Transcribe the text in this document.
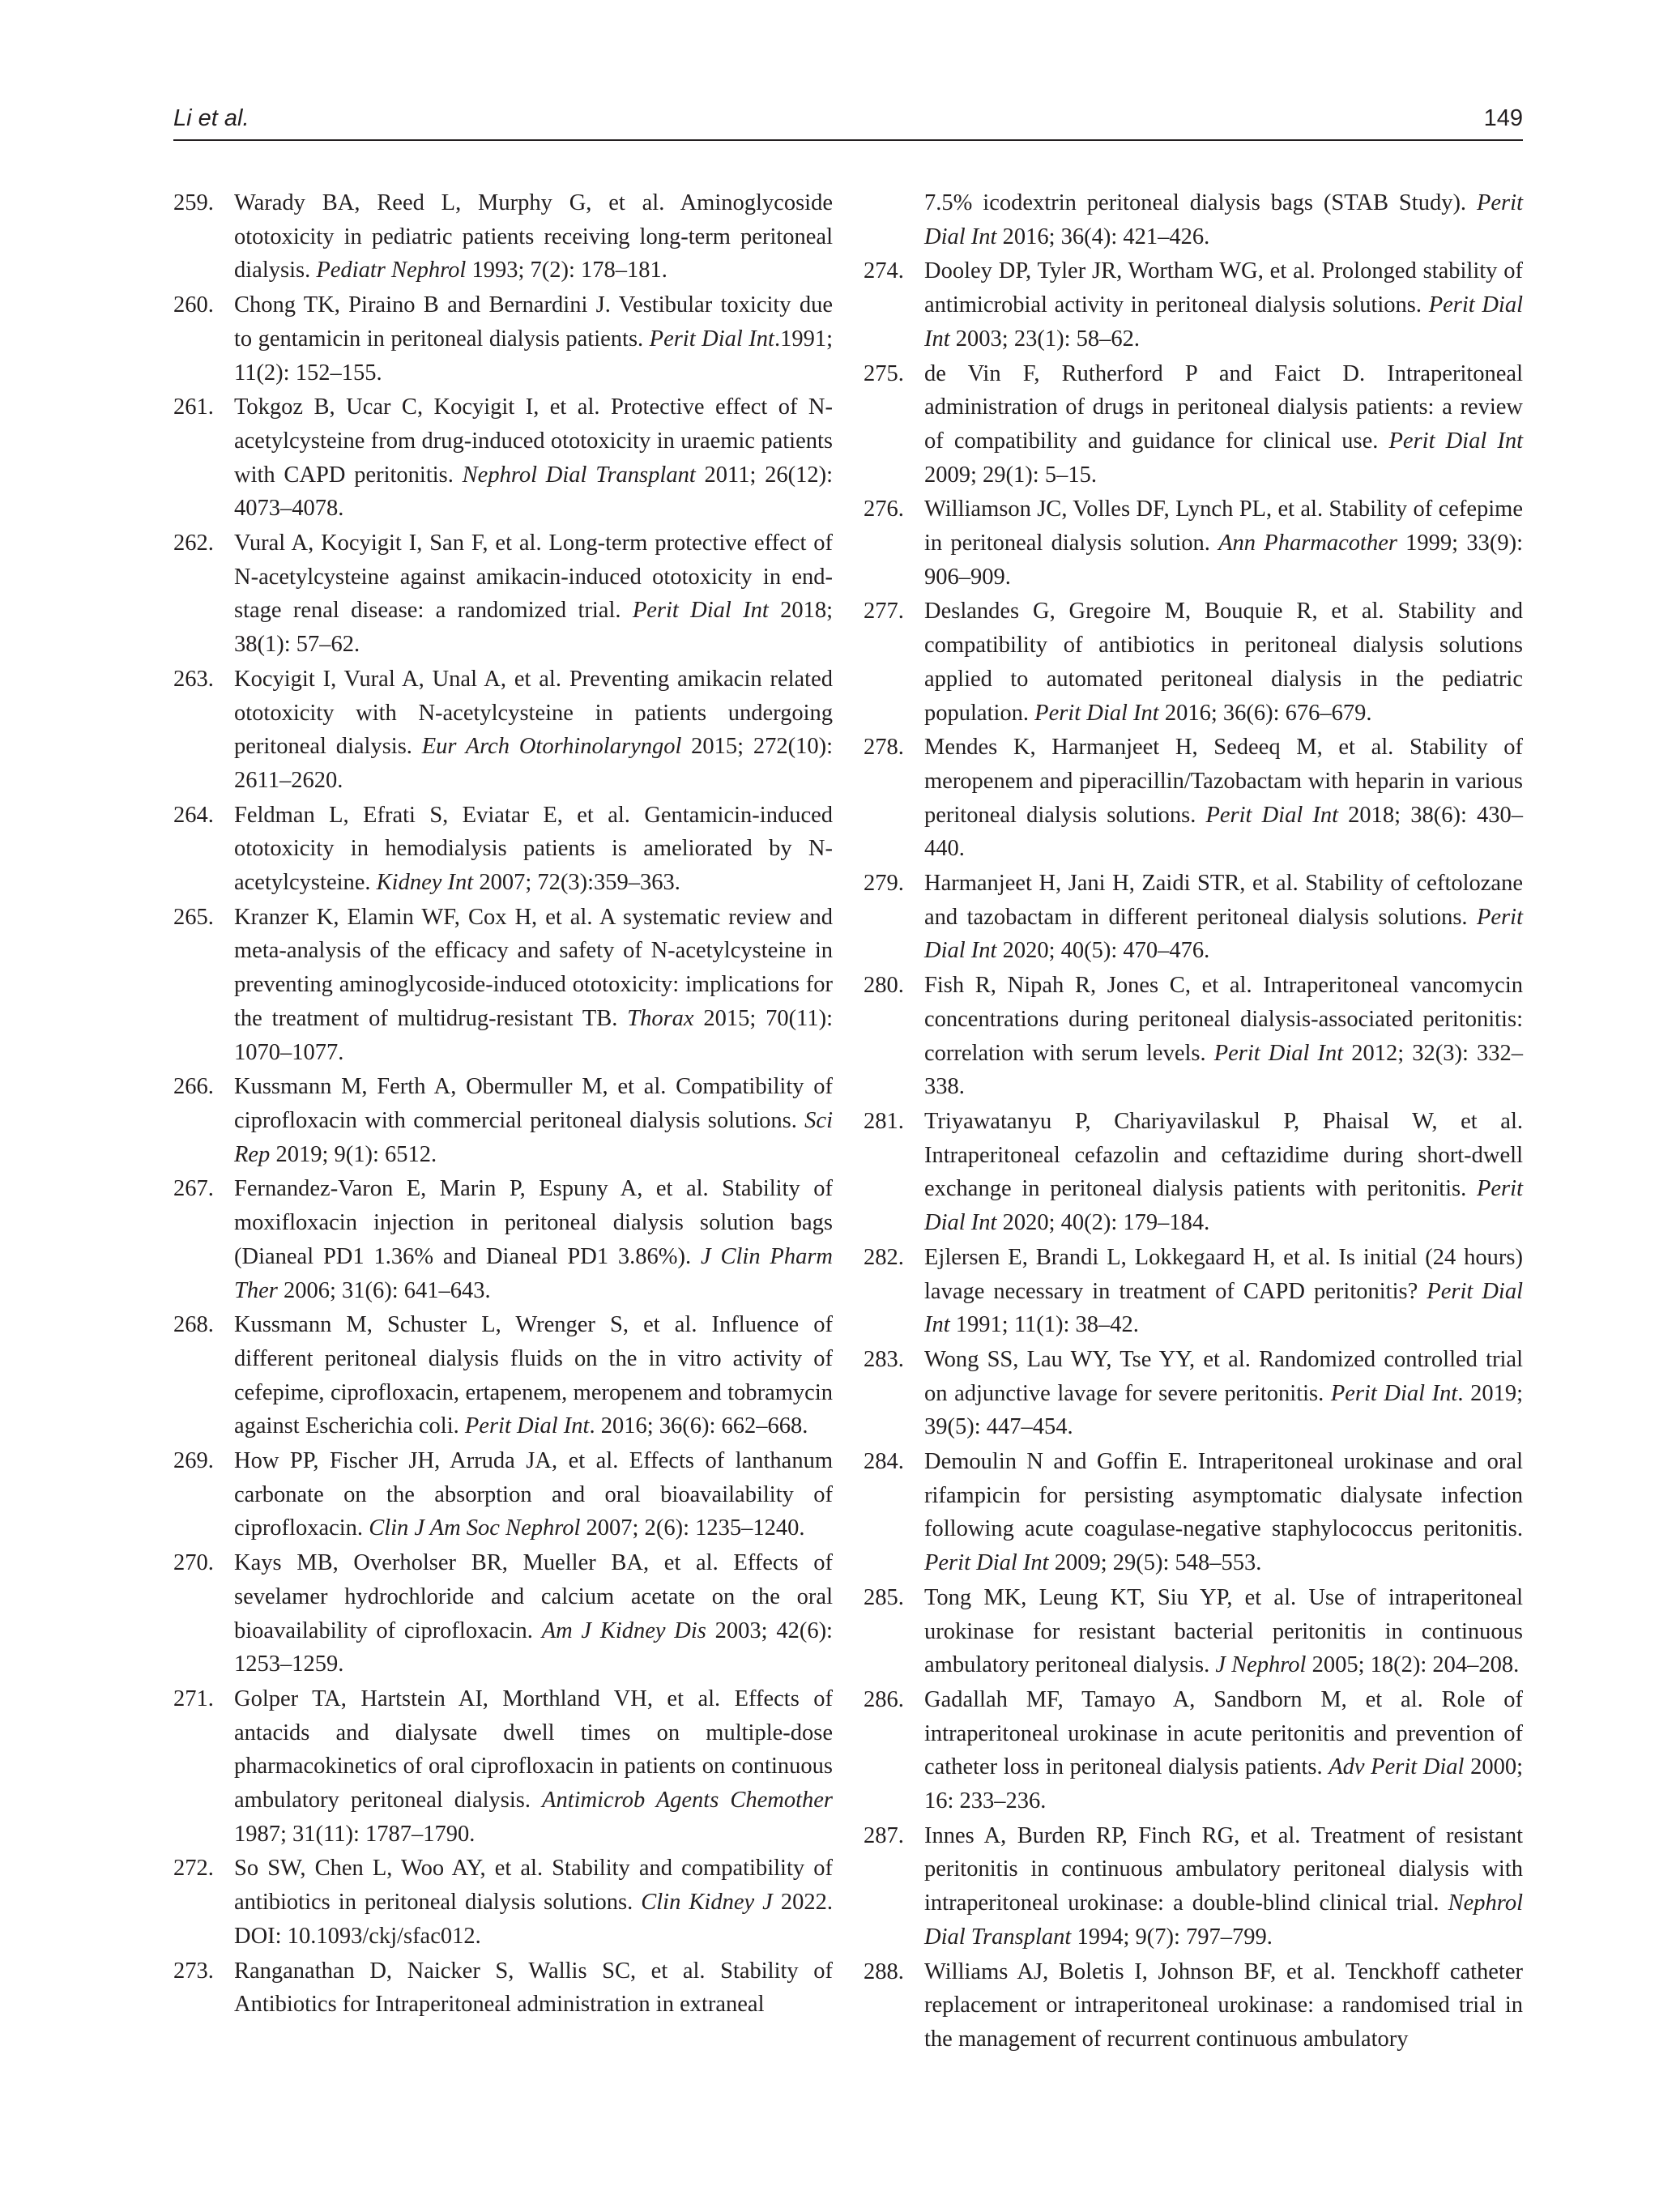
Li et al.	149
259. Warady BA, Reed L, Murphy G, et al. Aminoglycoside ototoxicity in pediatric patients receiving long-term peritoneal dialysis. Pediatr Nephrol 1993; 7(2): 178–181.
260. Chong TK, Piraino B and Bernardini J. Vestibular toxicity due to gentamicin in peritoneal dialysis patients. Perit Dial Int.1991; 11(2): 152–155.
261. Tokgoz B, Ucar C, Kocyigit I, et al. Protective effect of N-acetylcysteine from drug-induced ototoxicity in uraemic patients with CAPD peritonitis. Nephrol Dial Transplant 2011; 26(12): 4073–4078.
262. Vural A, Kocyigit I, San F, et al. Long-term protective effect of N-acetylcysteine against amikacin-induced ototoxicity in end-stage renal disease: a randomized trial. Perit Dial Int 2018; 38(1): 57–62.
263. Kocyigit I, Vural A, Unal A, et al. Preventing amikacin related ototoxicity with N-acetylcysteine in patients undergoing peritoneal dialysis. Eur Arch Otorhinolaryngol 2015; 272(10): 2611–2620.
264. Feldman L, Efrati S, Eviatar E, et al. Gentamicin-induced ototoxicity in hemodialysis patients is ameliorated by N-acetylcysteine. Kidney Int 2007; 72(3):359–363.
265. Kranzer K, Elamin WF, Cox H, et al. A systematic review and meta-analysis of the efficacy and safety of N-acetylcysteine in preventing aminoglycoside-induced ototoxicity: implications for the treatment of multidrug-resistant TB. Thorax 2015; 70(11): 1070–1077.
266. Kussmann M, Ferth A, Obermuller M, et al. Compatibility of ciprofloxacin with commercial peritoneal dialysis solutions. Sci Rep 2019; 9(1): 6512.
267. Fernandez-Varon E, Marin P, Espuny A, et al. Stability of moxifloxacin injection in peritoneal dialysis solution bags (Dianeal PD1 1.36% and Dianeal PD1 3.86%). J Clin Pharm Ther 2006; 31(6): 641–643.
268. Kussmann M, Schuster L, Wrenger S, et al. Influence of different peritoneal dialysis fluids on the in vitro activity of cefepime, ciprofloxacin, ertapenem, meropenem and tobramycin against Escherichia coli. Perit Dial Int. 2016; 36(6): 662–668.
269. How PP, Fischer JH, Arruda JA, et al. Effects of lanthanum carbonate on the absorption and oral bioavailability of ciprofloxacin. Clin J Am Soc Nephrol 2007; 2(6): 1235–1240.
270. Kays MB, Overholser BR, Mueller BA, et al. Effects of sevelamer hydrochloride and calcium acetate on the oral bioavailability of ciprofloxacin. Am J Kidney Dis 2003; 42(6): 1253–1259.
271. Golper TA, Hartstein AI, Morthland VH, et al. Effects of antacids and dialysate dwell times on multiple-dose pharmacokinetics of oral ciprofloxacin in patients on continuous ambulatory peritoneal dialysis. Antimicrob Agents Chemother 1987; 31(11): 1787–1790.
272. So SW, Chen L, Woo AY, et al. Stability and compatibility of antibiotics in peritoneal dialysis solutions. Clin Kidney J 2022. DOI: 10.1093/ckj/sfac012.
273. Ranganathan D, Naicker S, Wallis SC, et al. Stability of Antibiotics for Intraperitoneal administration in extraneal
7.5% icodextrin peritoneal dialysis bags (STAB Study). Perit Dial Int 2016; 36(4): 421–426.
274. Dooley DP, Tyler JR, Wortham WG, et al. Prolonged stability of antimicrobial activity in peritoneal dialysis solutions. Perit Dial Int 2003; 23(1): 58–62.
275. de Vin F, Rutherford P and Faict D. Intraperitoneal administration of drugs in peritoneal dialysis patients: a review of compatibility and guidance for clinical use. Perit Dial Int 2009; 29(1): 5–15.
276. Williamson JC, Volles DF, Lynch PL, et al. Stability of cefepime in peritoneal dialysis solution. Ann Pharmacother 1999; 33(9): 906–909.
277. Deslandes G, Gregoire M, Bouquie R, et al. Stability and compatibility of antibiotics in peritoneal dialysis solutions applied to automated peritoneal dialysis in the pediatric population. Perit Dial Int 2016; 36(6): 676–679.
278. Mendes K, Harmanjeet H, Sedeeq M, et al. Stability of meropenem and piperacillin/Tazobactam with heparin in various peritoneal dialysis solutions. Perit Dial Int 2018; 38(6): 430–440.
279. Harmanjeet H, Jani H, Zaidi STR, et al. Stability of ceftolozane and tazobactam in different peritoneal dialysis solutions. Perit Dial Int 2020; 40(5): 470–476.
280. Fish R, Nipah R, Jones C, et al. Intraperitoneal vancomycin concentrations during peritoneal dialysis-associated peritonitis: correlation with serum levels. Perit Dial Int 2012; 32(3): 332–338.
281. Triyawatanyu P, Chariyavilaskul P, Phaisal W, et al. Intraperitoneal cefazolin and ceftazidime during short-dwell exchange in peritoneal dialysis patients with peritonitis. Perit Dial Int 2020; 40(2): 179–184.
282. Ejlersen E, Brandi L, Lokkegaard H, et al. Is initial (24 hours) lavage necessary in treatment of CAPD peritonitis? Perit Dial Int 1991; 11(1): 38–42.
283. Wong SS, Lau WY, Tse YY, et al. Randomized controlled trial on adjunctive lavage for severe peritonitis. Perit Dial Int. 2019; 39(5): 447–454.
284. Demoulin N and Goffin E. Intraperitoneal urokinase and oral rifampicin for persisting asymptomatic dialysate infection following acute coagulase-negative staphylococcus peritonitis. Perit Dial Int 2009; 29(5): 548–553.
285. Tong MK, Leung KT, Siu YP, et al. Use of intraperitoneal urokinase for resistant bacterial peritonitis in continuous ambulatory peritoneal dialysis. J Nephrol 2005; 18(2): 204–208.
286. Gadallah MF, Tamayo A, Sandborn M, et al. Role of intraperitoneal urokinase in acute peritonitis and prevention of catheter loss in peritoneal dialysis patients. Adv Perit Dial 2000; 16: 233–236.
287. Innes A, Burden RP, Finch RG, et al. Treatment of resistant peritonitis in continuous ambulatory peritoneal dialysis with intraperitoneal urokinase: a double-blind clinical trial. Nephrol Dial Transplant 1994; 9(7): 797–799.
288. Williams AJ, Boletis I, Johnson BF, et al. Tenckhoff catheter replacement or intraperitoneal urokinase: a randomised trial in the management of recurrent continuous ambulatory
